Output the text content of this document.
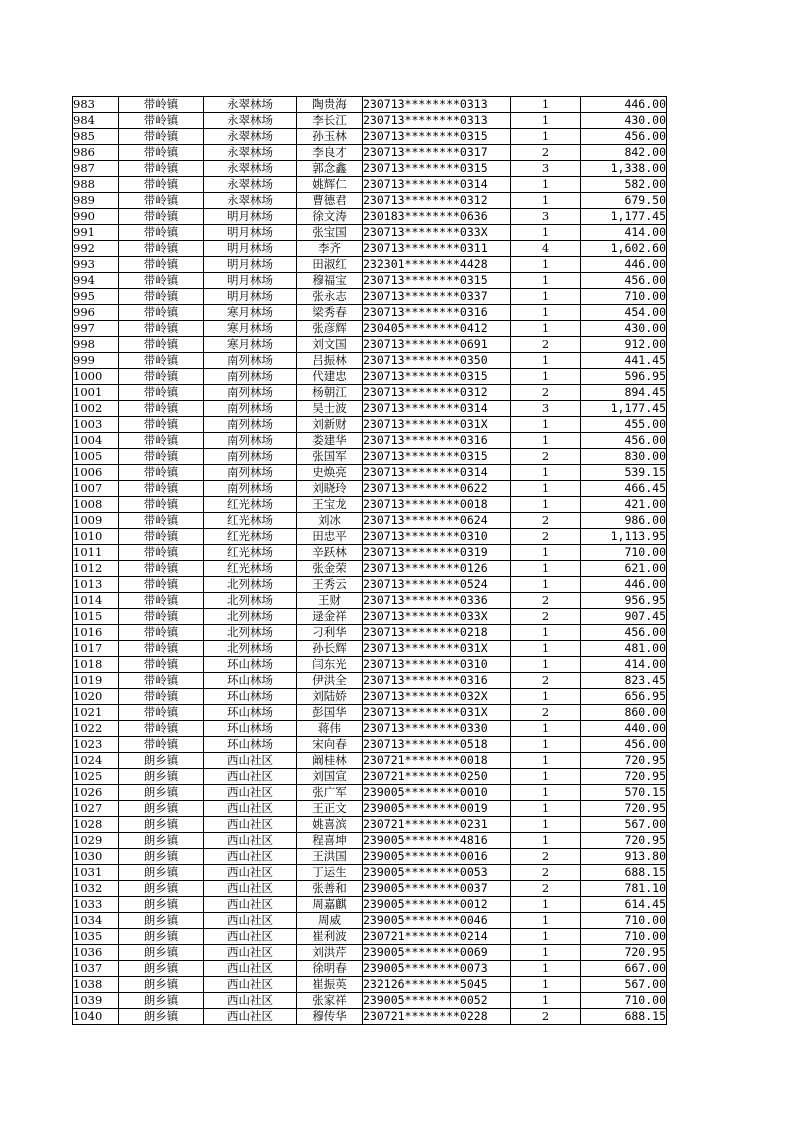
983	带岭镇	永翠林场	陶贵海	230713********0313	1	446.00
984	带岭镇	永翠林场	李长江	230713********0313	1	430.00
985	带岭镇	永翠林场	孙玉林	230713********0315	1	456.00
986	带岭镇	永翠林场	李良才	230713********0317	2	842.00
987	带岭镇	永翠林场	郭念鑫	230713********0315	3	1,338.00
988	带岭镇	永翠林场	姚辉仁	230713********0314	1	582.00
989	带岭镇	永翠林场	曹德君	230713********0312	1	679.50
990	带岭镇	明月林场	徐文涛	230183********0636	3	1,177.45
991	带岭镇	明月林场	张宝国	230713********033X	1	414.00
992	带岭镇	明月林场	李齐	230713********0311	4	1,602.60
993	带岭镇	明月林场	田淑红	232301********4428	1	446.00
994	带岭镇	明月林场	穆福宝	230713********0315	1	456.00
995	带岭镇	明月林场	张永志	230713********0337	1	710.00
996	带岭镇	寒月林场	梁秀春	230713********0316	1	454.00
997	带岭镇	寒月林场	张彦辉	230405********0412	1	430.00
998	带岭镇	寒月林场	刘文国	230713********0691	2	912.00
999	带岭镇	南列林场	吕振林	230713********0350	1	441.45
1000	带岭镇	南列林场	代建忠	230713********0315	1	596.95
1001	带岭镇	南列林场	杨朝江	230713********0312	2	894.45
1002	带岭镇	南列林场	吴士波	230713********0314	3	1,177.45
1003	带岭镇	南列林场	刘新财	230713********031X	1	455.00
1004	带岭镇	南列林场	娄建华	230713********0316	1	456.00
1005	带岭镇	南列林场	张国军	230713********0315	2	830.00
1006	带岭镇	南列林场	史焕亮	230713********0314	1	539.15
1007	带岭镇	南列林场	刘晓玲	230713********0622	1	466.45
1008	带岭镇	红光林场	王宝龙	230713********0018	1	421.00
1009	带岭镇	红光林场	刘冰	230713********0624	2	986.00
1010	带岭镇	红光林场	田忠平	230713********0310	2	1,113.95
1011	带岭镇	红光林场	辛跃林	230713********0319	1	710.00
1012	带岭镇	红光林场	张金荣	230713********0126	1	621.00
1013	带岭镇	北列林场	王秀云	230713********0524	1	446.00
1014	带岭镇	北列林场	王财	230713********0336	2	956.95
1015	带岭镇	北列林场	逯金祥	230713********033X	2	907.45
1016	带岭镇	北列林场	刁利华	230713********0218	1	456.00
1017	带岭镇	北列林场	孙长辉	230713********031X	1	481.00
1018	带岭镇	环山林场	闫东光	230713********0310	1	414.00
1019	带岭镇	环山林场	伊洪全	230713********0316	2	823.45
1020	带岭镇	环山林场	刘陆娇	230713********032X	1	656.95
1021	带岭镇	环山林场	彭国华	230713********031X	2	860.00
1022	带岭镇	环山林场	蒋伟	230713********0330	1	440.00
1023	带岭镇	环山林场	宋向春	230713********0518	1	456.00
1024	朗乡镇	西山社区	阚桂林	230721********0018	1	720.95
1025	朗乡镇	西山社区	刘国宣	230721********0250	1	720.95
1026	朗乡镇	西山社区	张广军	239005********0010	1	570.15
1027	朗乡镇	西山社区	王正文	239005********0019	1	720.95
1028	朗乡镇	西山社区	姚喜滨	230721********0231	1	567.00
1029	朗乡镇	西山社区	程喜坤	239005********4816	1	720.95
1030	朗乡镇	西山社区	王洪国	239005********0016	2	913.80
1031	朗乡镇	西山社区	丁运生	239005********0053	2	688.15
1032	朗乡镇	西山社区	张善和	239005********0037	2	781.10
1033	朗乡镇	西山社区	周嘉麒	239005********0012	1	614.45
1034	朗乡镇	西山社区	周威	239005********0046	1	710.00
1035	朗乡镇	西山社区	崔利波	230721********0214	1	710.00
1036	朗乡镇	西山社区	刘洪芹	239005********0069	1	720.95
1037	朗乡镇	西山社区	徐明春	239005********0073	1	667.00
1038	朗乡镇	西山社区	崔振英	232126********5045	1	567.00
1039	朗乡镇	西山社区	张家祥	239005********0052	1	710.00
1040	朗乡镇	西山社区	穆传华	230721********0228	2	688.15
